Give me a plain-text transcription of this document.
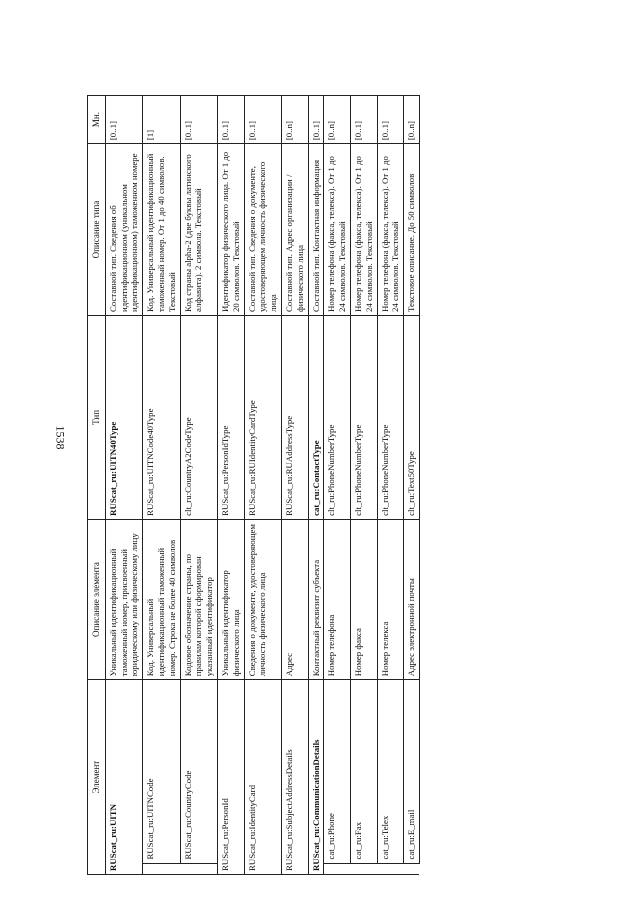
1538
Элемент		Описание элемента	Тип	Описание типа	Мн.
RUScat_ru:UITN		Уникальный идентификационный таможенный номер, присвоенный юридическому или физическому лицу	RUScat_ru:UITN40Type	Составной тип. Сведения об идентификационном (уникальном идентификационном) таможенном номере	[0..1]
	RUScat_ru:UITNCode	Код. Универсальный идентификационный таможенный номер. Строка не более 40 символов	RUScat_ru:UITNCode40Type	Код. Универсальный идентификационный таможенный номер. От 1 до 40 символов. Текстовый	[1]
	RUScat_ru:CountryCode	Кодовое обозначение страны, по правилам которой сформирован указанный идентификатор	clt_ru:CountryA2CodeType	Код страны alpha-2 (две буквы латинского алфавита). 2 символа. Текстовый	[0..1]
RUScat_ru:PersonId		Уникальный идентификатор физического лица	RUScat_ru:PersonIdType	Идентификатор физического лица. От 1 до 20 символов. Текстовый	[0..1]
RUScat_ru:IdentityCard		Сведения о документе, удостоверяющем личность физического лица	RUScat_ru:RUIdentityCardType	Составной тип. Сведения о документе, удостоверяющем личность физического лица	[0..1]
RUScat_ru:SubjectAddressDetails		Адрес	RUScat_ru:RUAddressType	Составной тип. Адрес организации / физического лица	[0..n]
RUScat_ru:CommunicationDetails		Контактный реквизит субъекта	cat_ru:ContactType	Составной тип. Контактная информация	[0..1]
	cat_ru:Phone	Номер телефона	clt_ru:PhoneNumberType	Номер телефона (факса, телекса). От 1 до 24 символов. Текстовый	[0..n]
	cat_ru:Fax	Номер факса	clt_ru:PhoneNumberType	Номер телефона (факса, телекса). От 1 до 24 символов. Текстовый	[0..1]
	cat_ru:Telex	Номер телекса	clt_ru:PhoneNumberType	Номер телефона (факса, телекса). От 1 до 24 символов. Текстовый	[0..1]
	cat_ru:E_mail	Адрес электронной почты	clt_ru:Text50Type	Текстовое описание. До 50 символов	[0..n]
